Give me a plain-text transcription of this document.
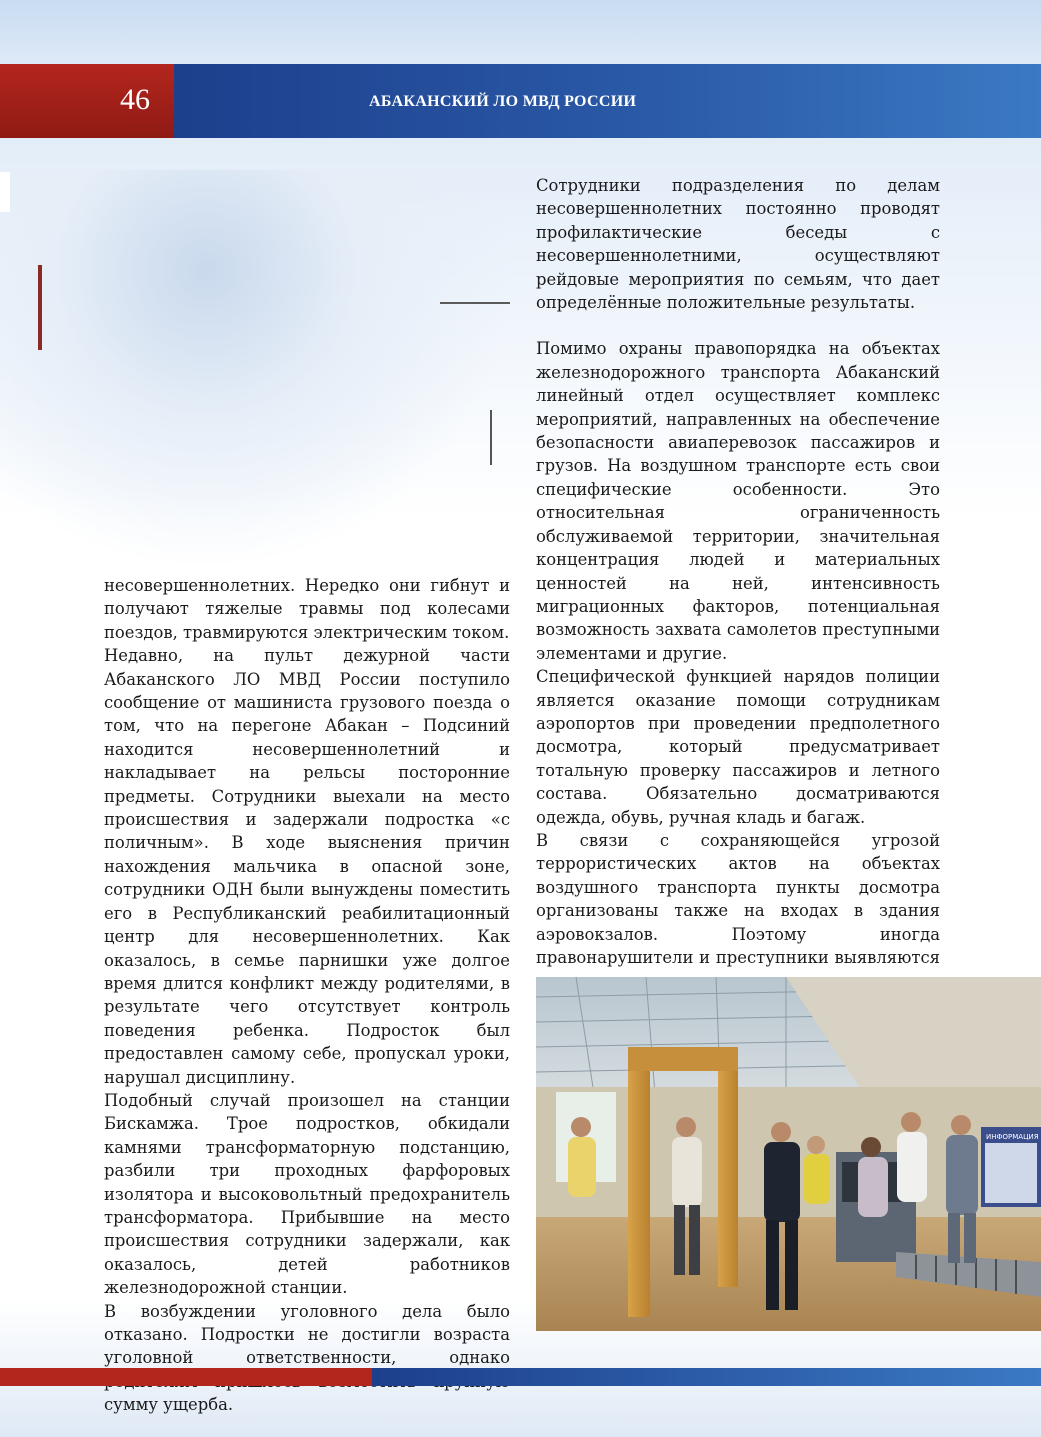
46	АБАКАНСКИЙ ЛО МВД РОССИИ

несовершеннолетних. Нередко они гибнут и получают тяжелые травмы под колесами поездов, травмируются электрическим током.

Недавно, на пульт дежурной части Абаканского ЛО МВД России поступило сообщение от машиниста грузового поезда о том, что на перегоне Абакан – Подсиний находится несовершеннолетний и накладывает на рельсы посторонние предметы. Сотрудники выехали на место происшествия и задержали подростка «с поличным». В ходе выяснения причин нахождения мальчика в опасной зоне, сотрудники ОДН были вынуждены поместить его в Республиканский реабилитационный центр для несовершеннолетних. Как оказалось, в семье парнишки уже долгое время длится конфликт между родителями, в результате чего отсутствует контроль поведения ребенка. Подросток был предоставлен самому себе, пропускал уроки, нарушал дисциплину.

Подобный случай произошел на станции Бискамжа. Трое подростков, обкидали камнями трансформаторную подстанцию, разбили три проходных фарфоровых изолятора и высоковольтный предохранитель трансформатора. Прибывшие на место происшествия сотрудники задержали, как оказалось, детей работников железнодорожной станции.

В возбуждении уголовного дела было отказано. Подростки не достигли возраста уголовной ответственности, однако сумму ущерба.

Сотрудники подразделения по делам несовершеннолетних постоянно проводят профилактические беседы с несовершеннолетними, осуществляют рейдовые мероприятия по семьям, что дает определённые положительные результаты.

Помимо охраны правопорядка на объектах железнодорожного транспорта Абаканский линейный отдел осуществляет комплекс мероприятий, направленных на обеспечение безопасности авиаперевозок пассажиров и грузов. На воздушном транспорте есть свои специфические особенности. Это относительная ограниченность обслуживаемой территории, значительная концентрация людей и материальных ценностей на ней, интенсивность миграционных факторов, потенциальная возможность захвата самолетов преступными элементами и другие.

Специфической функцией нарядов полиции является оказание помощи сотрудникам аэропортов при проведении предполетного досмотра, который предусматривает тотальную проверку пассажиров и летного состава. Обязательно досматриваются одежда, обувь, ручная кладь и багаж.

В связи с сохраняющейся угрозой террористических актов на объектах воздушного транспорта пункты досмотра организованы также на входах в здания аэровокзалов. Поэтому иногда правонарушители и преступники выявляются

ИНФОРМАЦИЯ
